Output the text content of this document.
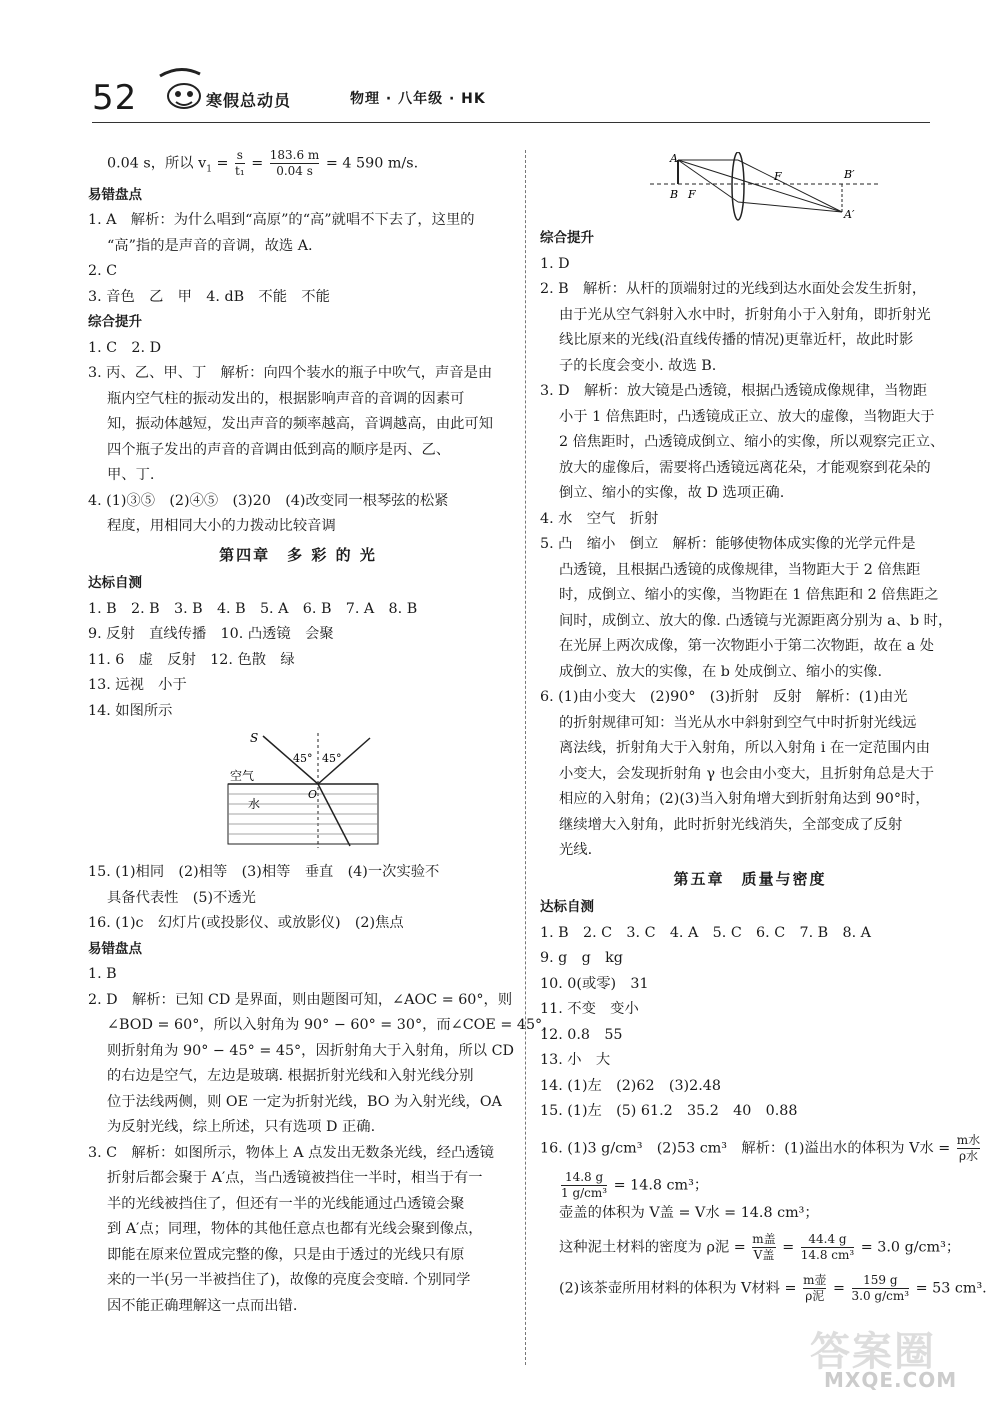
52	寒假总动员	物理 · 八年级 · HK
0.04 s，所以 $v_1 = \frac{s}{\text{t₁}} = \frac{183.6 m}{0.04 s} = 4$ 590 m/s.
易错盘点
1. A　解析：为什么唱到“高原”的“高”就唱不下去了，这里的
“高”指的是声音的音调，故选 A.
2. C
3. 音色　乙　甲　4. dB　不能　不能
综合提升
1. C　2. D
3. 丙、乙、甲、丁　解析：向四个装水的瓶子中吹气，声音是由
瓶内空气柱的振动发出的，根据影响声音的音调的因素可
知，振动体越短，发出声音的频率越高，音调越高，由此可知
四个瓶子发出的声音的音调由低到高的顺序是丙、乙、
甲、丁.
4. (1)③⑤　(2)④⑤　(3)20　(4)改变同一根琴弦的松紧
程度，用相同大小的力拨动比较音调
第四章　多 彩 的 光
达标自测
1. B　2. B　3. B　4. B　5. A　6. B　7. A　8. B
9. 反射　直线传播　10. 凸透镜　会聚
11. 6　虚　反射　12. 色散　绿
13. 远视　小于
14. 如图所示
S
45° 45°
空气
O
水
15. (1)相同　(2)相等　(3)相等　垂直　(4)一次实验不
具备代表性　(5)不透光
16. (1)c　幻灯片(或投影仪、或放影仪)　(2)焦点
易错盘点
1. B
2. D　解析：已知 CD 是界面，则由题图可知，∠AOC = 60°，则
∠BOD = 60°，所以入射角为 90° − 60° = 30°，而∠COE = 45°，
则折射角为 90° − 45° = 45°，因折射角大于入射角，所以 CD
的右边是空气，左边是玻璃. 根据折射光线和入射光线分别
位于法线两侧，则 OE 一定为折射光线，BO 为入射光线，OA
为反射光线，综上所述，只有选项 D 正确.
3. C　解析：如图所示，物体上 A 点发出无数条光线，经凸透镜
折射后都会聚于 A′点，当凸透镜被挡住一半时，相当于有一
半的光线被挡住了，但还有一半的光线能通过凸透镜会聚
到 A′点；同理，物体的其他任意点也都有光线会聚到像点，
即能在原来位置成完整的像，只是由于透过的光线只有原
来的一半(另一半被挡住了)，故像的亮度会变暗. 个别同学
因不能正确理解这一点而出错.
A
B F
F	B′
A′
综合提升
1. D
2. B　解析：从杆的顶端射过的光线到达水面处会发生折射，
由于光从空气斜射入水中时，折射角小于入射角，即折射光
线比原来的光线(沿直线传播的情况)更靠近杆，故此时影
子的长度会变小. 故选 B.
3. D　解析：放大镜是凸透镜，根据凸透镜成像规律，当物距
小于 1 倍焦距时，凸透镜成正立、放大的虚像，当物距大于
2 倍焦距时，凸透镜成倒立、缩小的实像，所以观察完正立、
放大的虚像后，需要将凸透镜远离花朵，才能观察到花朵的
倒立、缩小的实像，故 D 选项正确.
4. 水　空气　折射
5. 凸　缩小　倒立　解析：能够使物体成实像的光学元件是
凸透镜，且根据凸透镜的成像规律，当物距大于 2 倍焦距
时，成倒立、缩小的实像，当物距在 1 倍焦距和 2 倍焦距之
间时，成倒立、放大的像. 凸透镜与光源距离分别为 a、b 时，
在光屏上两次成像，第一次物距小于第二次物距，故在 a 处
成倒立、放大的实像，在 b 处成倒立、缩小的实像.
6. (1)由小变大　(2)90°　(3)折射　反射　解析：(1)由光
的折射规律可知：当光从水中斜射到空气中时折射光线远
离法线，折射角大于入射角，所以入射角 i 在一定范围内由
小变大，会发现折射角 γ 也会由小变大，且折射角总是大于
相应的入射角；(2)(3)当入射角增大到折射角达到 90°时，
继续增大入射角，此时折射光线消失，全部变成了反射
光线.
第五章　质量与密度
达标自测
1. B　2. C　3. C　4. A　5. C　6. C　7. B　8. A
9. g　g　kg
10. 0(或零)　31
11. 不变　变小
12. 0.8　55
13. 小　大
14. (1)左　(2)62　(3)2.48
15. (1)左　(5) 61.2　35.2　40　0.88
16. (1)3 g/cm³　(2)53 cm³　解析：(1)溢出水的体积为 V水 = $\frac{\text{m水}}{\text{ρ水}}$
$\frac{14.8 g}{\text{1 g/cm³}} = 14.8$ cm³；
壶盖的体积为 V盖 = V水 = 14.8 cm³；
这种泥土材料的密度为 ρ泥 = $\frac{\text{m盖}}{\text{V盖}} = \frac{44.4 g}{\text{14.8 cm³}} = 3.0$ g/cm³；
(2)该茶壶所用材料的体积为 V材料 = $\frac{\text{m壶}}{\text{ρ泥}} = \frac{159 g}{\text{3.0 g/cm³}} = 53$ cm³.
答案圈
MXQE.COM
